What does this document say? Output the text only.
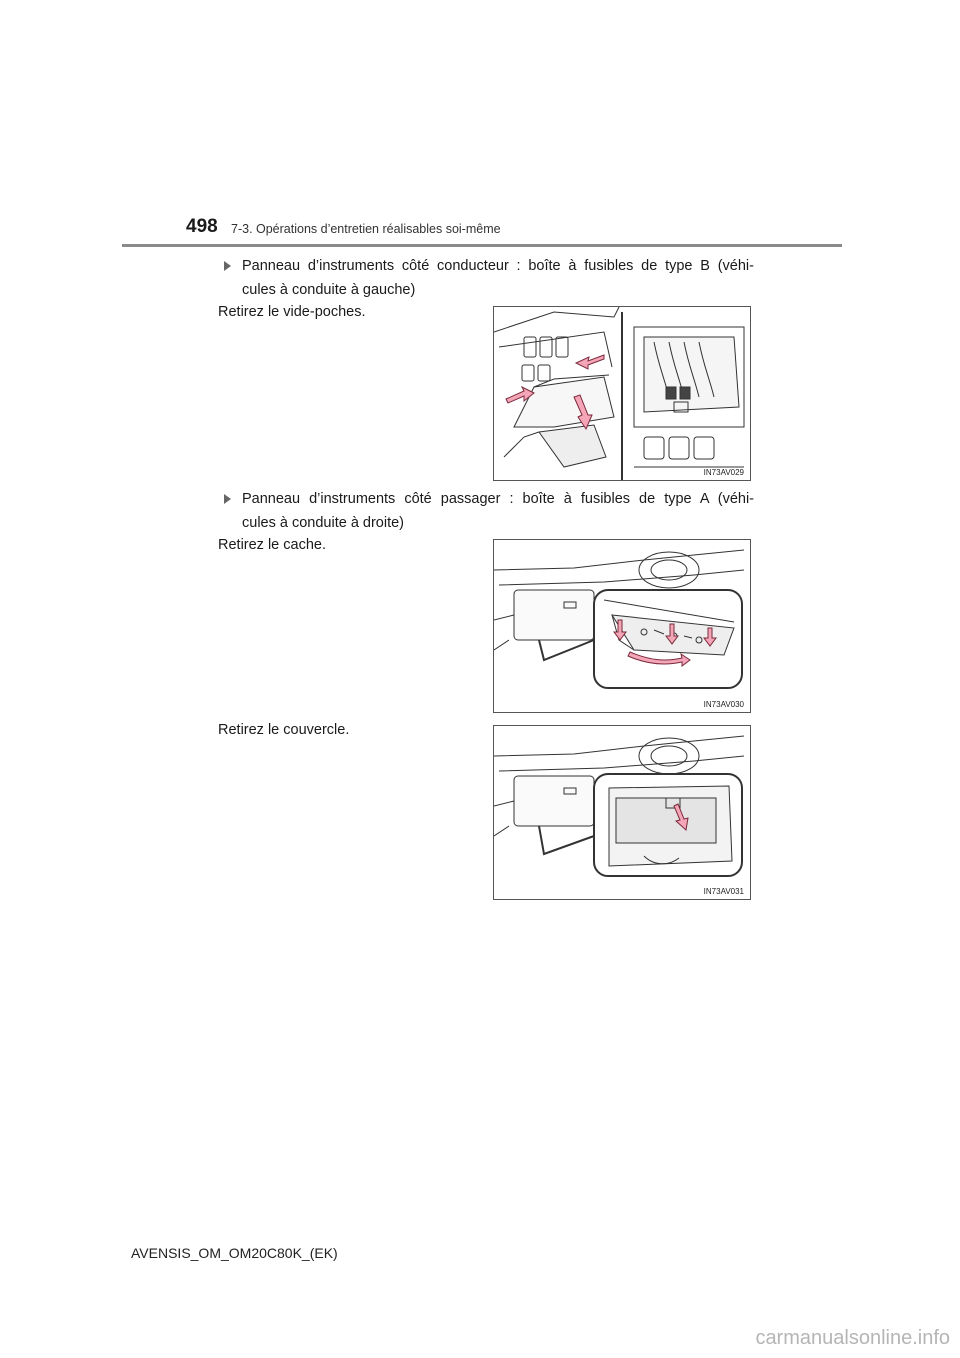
498 7-3. Opérations d’entretien réalisables soi-même
Panneau d’instruments côté conducteur : boîte à fusibles de type B (véhi-
cules à conduite à gauche)
Retirez le vide-poches.
IN73AV029
Panneau d’instruments côté passager : boîte à fusibles de type A (véhi-
cules à conduite à droite)
Retirez le cache.
IN73AV030
Retirez le couvercle.
IN73AV031
AVENSIS_OM_OM20C80K_(EK)
carmanualsonline.info
